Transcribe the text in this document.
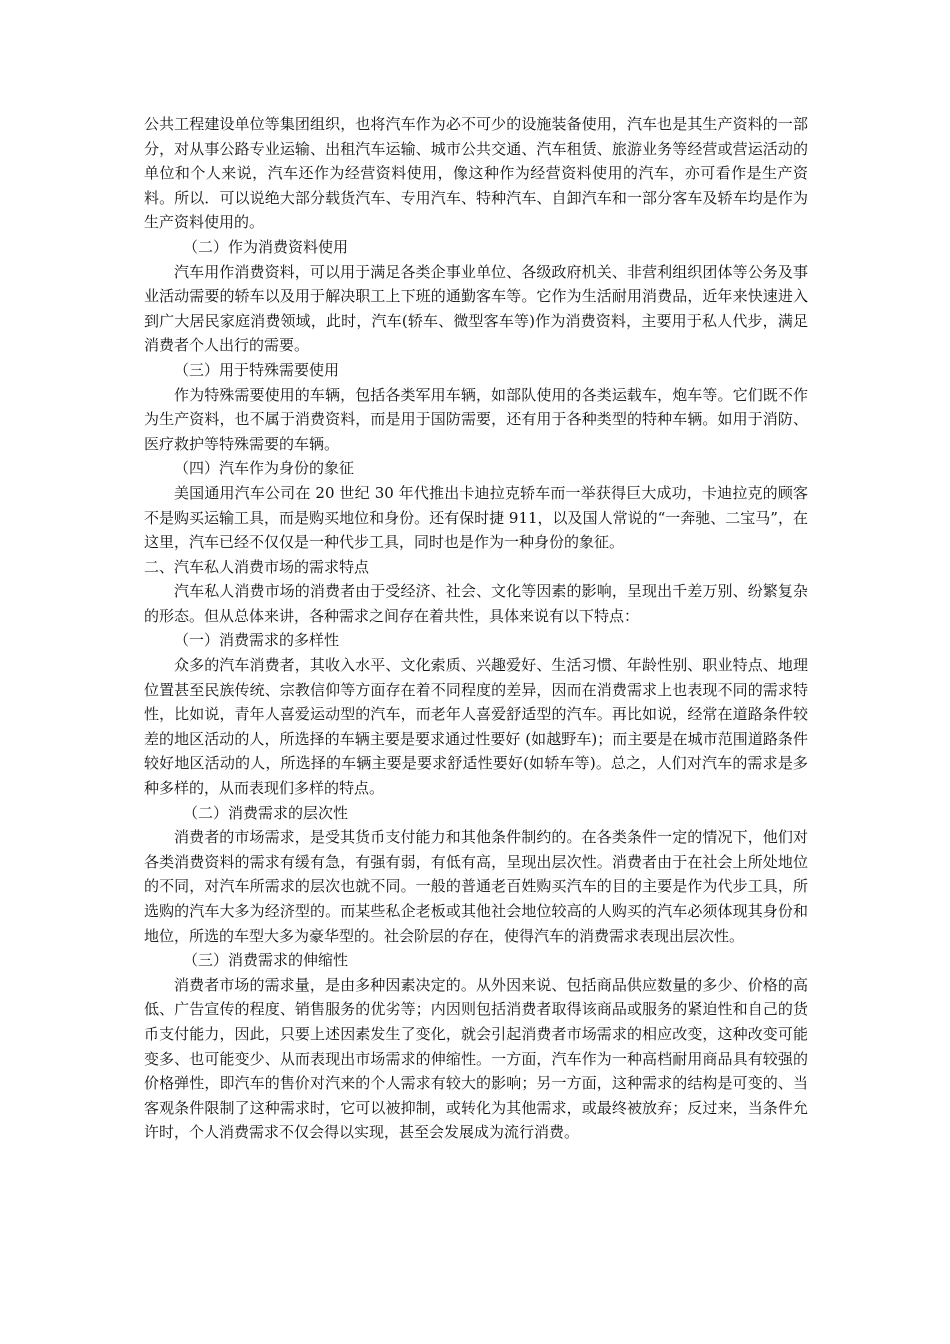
公共工程建设单位等集团组织，也将汽车作为必不可少的设施装备使用，汽车也是其生产资料的一部分，对从事公路专业运输、出租汽车运输、城市公共交通、汽车租赁、旅游业务等经营或营运活动的单位和个人来说，汽车还作为经营资料使用，像这种作为经营资料使用的汽车，亦可看作是生产资料。所以．可以说绝大部分载货汽车、专用汽车、特种汽车、自卸汽车和一部分客车及轿车均是作为生产资料使用的。

（二）作为消费资料使用

汽车用作消费资料，可以用于满足各类企事业单位、各级政府机关、非营利组织团体等公务及事业活动需要的轿车以及用于解决职工上下班的通勤客车等。它作为生活耐用消费品，近年来快速进入到广大居民家庭消费领域，此时，汽车(轿车、微型客车等)作为消费资料，主要用于私人代步，满足消费者个人出行的需要。

（三）用于特殊需要使用

作为特殊需要使用的车辆，包括各类军用车辆，如部队使用的各类运载车，炮车等。它们既不作为生产资料，也不属于消费资料，而是用于国防需要，还有用于各种类型的特种车辆。如用于消防、医疗救护等特殊需要的车辆。

（四）汽车作为身份的象征

美国通用汽车公司在 20 世纪 30 年代推出卡迪拉克轿车而一举获得巨大成功，卡迪拉克的顾客不是购买运输工具，而是购买地位和身份。还有保时捷 911，以及国人常说的“一奔驰、二宝马”，在这里，汽车已经不仅仅是一种代步工具，同时也是作为一种身份的象征。

二、汽车私人消费市场的需求特点

汽车私人消费市场的消费者由于受经济、社会、文化等因素的影响，呈现出千差万别、纷繁复杂的形态。但从总体来讲，各种需求之间存在着共性，具体来说有以下特点：

（一）消费需求的多样性

众多的汽车消费者，其收入水平、文化索质、兴趣爱好、生活习惯、年龄性别、职业特点、地理位置甚至民族传统、宗教信仰等方面存在着不同程度的差异，因而在消费需求上也表现不同的需求特性，比如说，青年人喜爱运动型的汽车，而老年人喜爱舒适型的汽车。再比如说，经常在道路条件较差的地区活动的人，所选择的车辆主要是要求通过性要好 (如越野车)；而主要是在城市范围道路条件较好地区活动的人，所选择的车辆主要是要求舒适性要好(如轿车等)。总之，人们对汽车的需求是多种多样的，从而表现们多样的特点。

（二）消费需求的层次性

消费者的市场需求，是受其货币支付能力和其他条件制约的。在各类条件一定的情况下，他们对各类消费资料的需求有缓有急，有强有弱，有低有高，呈现出层次性。消费者由于在社会上所处地位的不同，对汽车所需求的层次也就不同。一般的普通老百姓购买汽车的目的主要是作为代步工具，所选购的汽车大多为经济型的。而某些私企老板或其他社会地位较高的人购买的汽车必须体现其身份和地位，所选的车型大多为豪华型的。社会阶层的存在，使得汽车的消费需求表现出层次性。

（三）消费需求的伸缩性

消费者市场的需求量，是由多种因素决定的。从外因来说、包括商品供应数量的多少、价格的高低、广告宣传的程度、销售服务的优劣等；内因则包括消费者取得该商品或服务的紧迫性和自己的货币支付能力，因此，只要上述因素发生了变化，就会引起消费者市场需求的相应改变，这种改变可能变多、也可能变少、从而表现出市场需求的伸缩性。一方面，汽车作为一种高档耐用商品具有较强的价格弹性，即汽车的售价对汽来的个人需求有较大的影响；另一方面，这种需求的结构是可变的、当客观条件限制了这种需求时，它可以被抑制，或转化为其他需求，或最终被放弃；反过来，当条件允许时，个人消费需求不仅会得以实现，甚至会发展成为流行消费。
